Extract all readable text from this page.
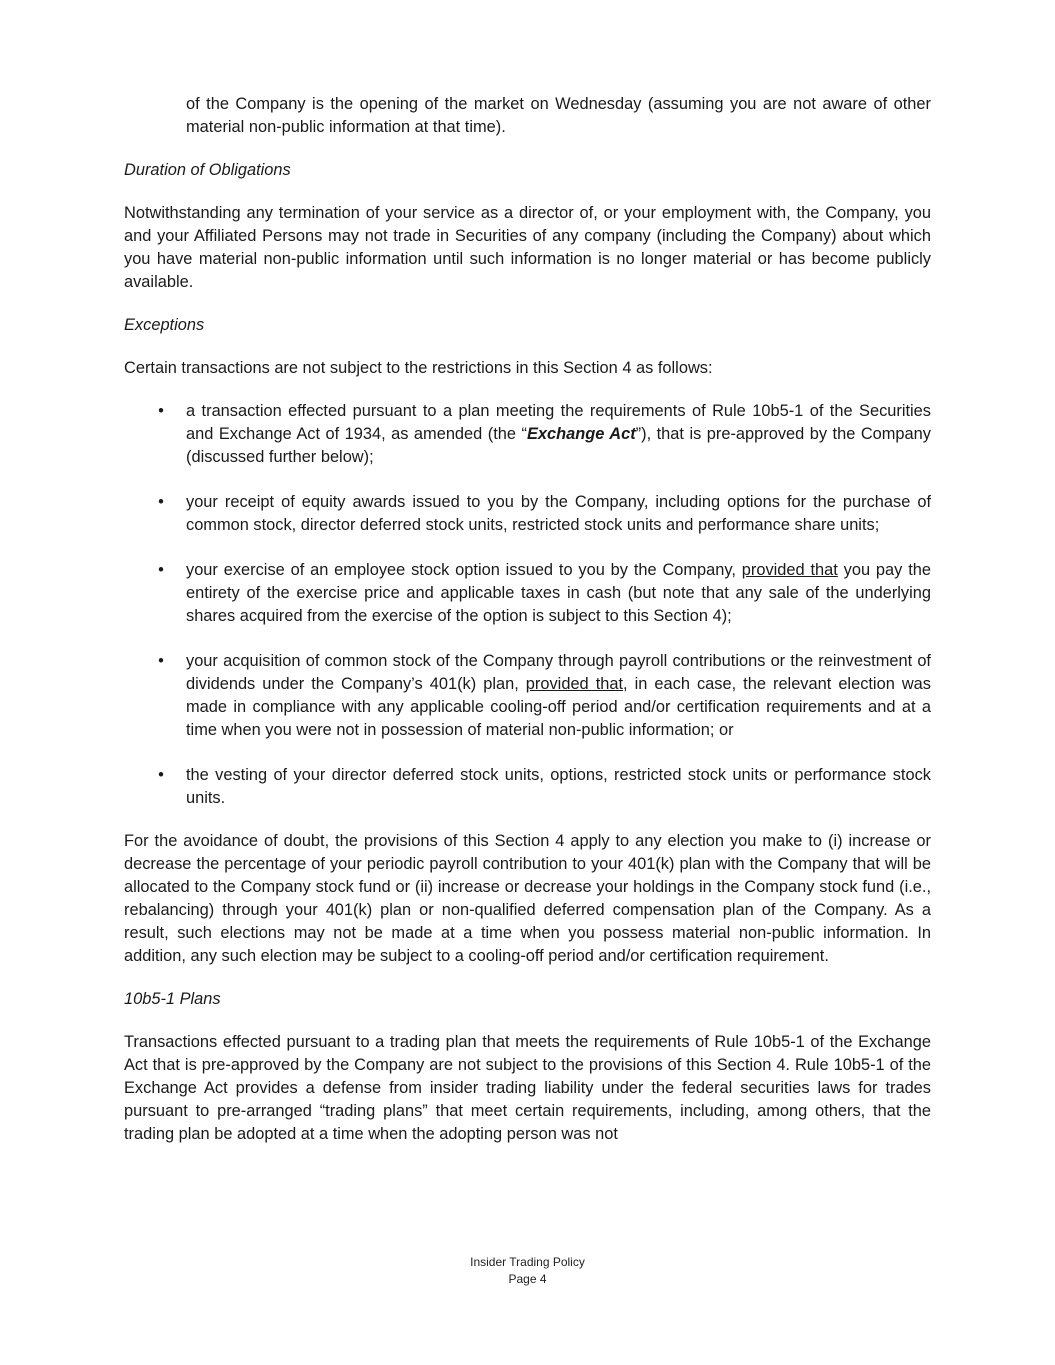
of the Company is the opening of the market on Wednesday (assuming you are not aware of other material non-public information at that time).

Duration of Obligations

Notwithstanding any termination of your service as a director of, or your employment with, the Company, you and your Affiliated Persons may not trade in Securities of any company (including the Company) about which you have material non-public information until such information is no longer material or has become publicly available.

Exceptions

Certain transactions are not subject to the restrictions in this Section 4 as follows:

• a transaction effected pursuant to a plan meeting the requirements of Rule 10b5-1 of the Securities and Exchange Act of 1934, as amended (the “Exchange Act”), that is pre-approved by the Company (discussed further below);
• your receipt of equity awards issued to you by the Company, including options for the purchase of common stock, director deferred stock units, restricted stock units and performance share units;
• your exercise of an employee stock option issued to you by the Company, provided that you pay the entirety of the exercise price and applicable taxes in cash (but note that any sale of the underlying shares acquired from the exercise of the option is subject to this Section 4);
• your acquisition of common stock of the Company through payroll contributions or the reinvestment of dividends under the Company’s 401(k) plan, provided that, in each case, the relevant election was made in compliance with any applicable cooling-off period and/or certification requirements and at a time when you were not in possession of material non-public information; or
• the vesting of your director deferred stock units, options, restricted stock units or performance stock units.

For the avoidance of doubt, the provisions of this Section 4 apply to any election you make to (i) increase or decrease the percentage of your periodic payroll contribution to your 401(k) plan with the Company that will be allocated to the Company stock fund or (ii) increase or decrease your holdings in the Company stock fund (i.e., rebalancing) through your 401(k) plan or non-qualified deferred compensation plan of the Company. As a result, such elections may not be made at a time when you possess material non-public information. In addition, any such election may be subject to a cooling-off period and/or certification requirement.

10b5-1 Plans

Transactions effected pursuant to a trading plan that meets the requirements of Rule 10b5-1 of the Exchange Act that is pre-approved by the Company are not subject to the provisions of this Section 4. Rule 10b5-1 of the Exchange Act provides a defense from insider trading liability under the federal securities laws for trades pursuant to pre-arranged “trading plans” that meet certain requirements, including, among others, that the trading plan be adopted at a time when the adopting person was not

Insider Trading Policy
Page 4
